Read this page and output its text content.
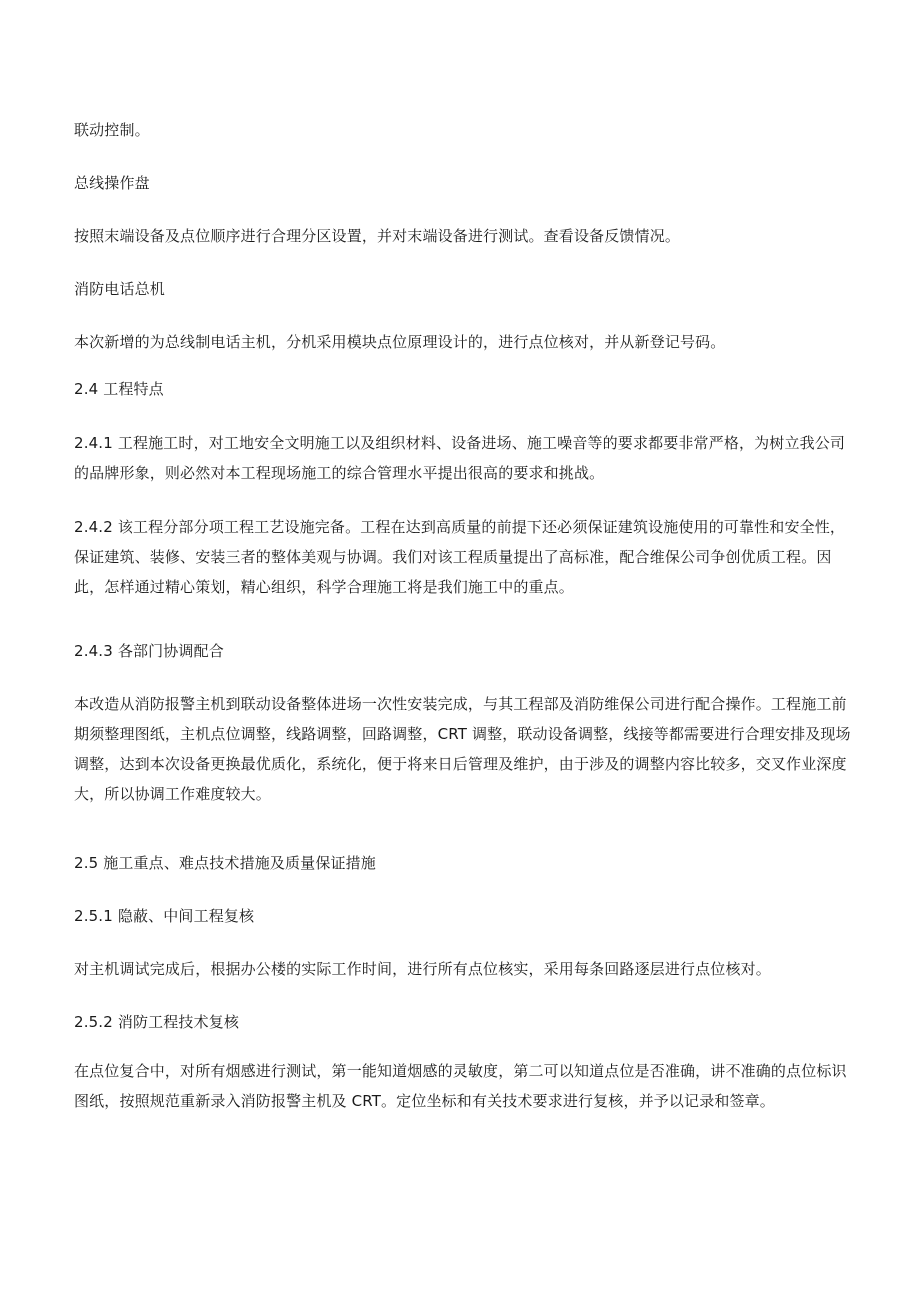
联动控制。

总线操作盘

按照末端设备及点位顺序进行合理分区设置，并对末端设备进行测试。查看设备反馈情况。

消防电话总机

本次新增的为总线制电话主机，分机采用模块点位原理设计的，进行点位核对，并从新登记号码。

2.4 工程特点

2.4.1 工程施工时，对工地安全文明施工以及组织材料、设备进场、施工噪音等的要求都要非常严格，为树立我公司的品牌形象，则必然对本工程现场施工的综合管理水平提出很高的要求和挑战。

2.4.2 该工程分部分项工程工艺设施完备。工程在达到高质量的前提下还必须保证建筑设施使用的可靠性和安全性，保证建筑、装修、安装三者的整体美观与协调。我们对该工程质量提出了高标准，配合维保公司争创优质工程。因此，怎样通过精心策划，精心组织，科学合理施工将是我们施工中的重点。

2.4.3 各部门协调配合

本改造从消防报警主机到联动设备整体进场一次性安装完成，与其工程部及消防维保公司进行配合操作。工程施工前期须整理图纸，主机点位调整，线路调整，回路调整，CRT 调整，联动设备调整，线接等都需要进行合理安排及现场调整，达到本次设备更换最优质化，系统化，便于将来日后管理及维护，由于涉及的调整内容比较多，交叉作业深度大，所以协调工作难度较大。

2.5 施工重点、难点技术措施及质量保证措施

2.5.1 隐蔽、中间工程复核

对主机调试完成后，根据办公楼的实际工作时间，进行所有点位核实，采用每条回路逐层进行点位核对。

2.5.2 消防工程技术复核

在点位复合中，对所有烟感进行测试，第一能知道烟感的灵敏度，第二可以知道点位是否准确，讲不准确的点位标识图纸，按照规范重新录入消防报警主机及 CRT。定位坐标和有关技术要求进行复核，并予以记录和签章。
